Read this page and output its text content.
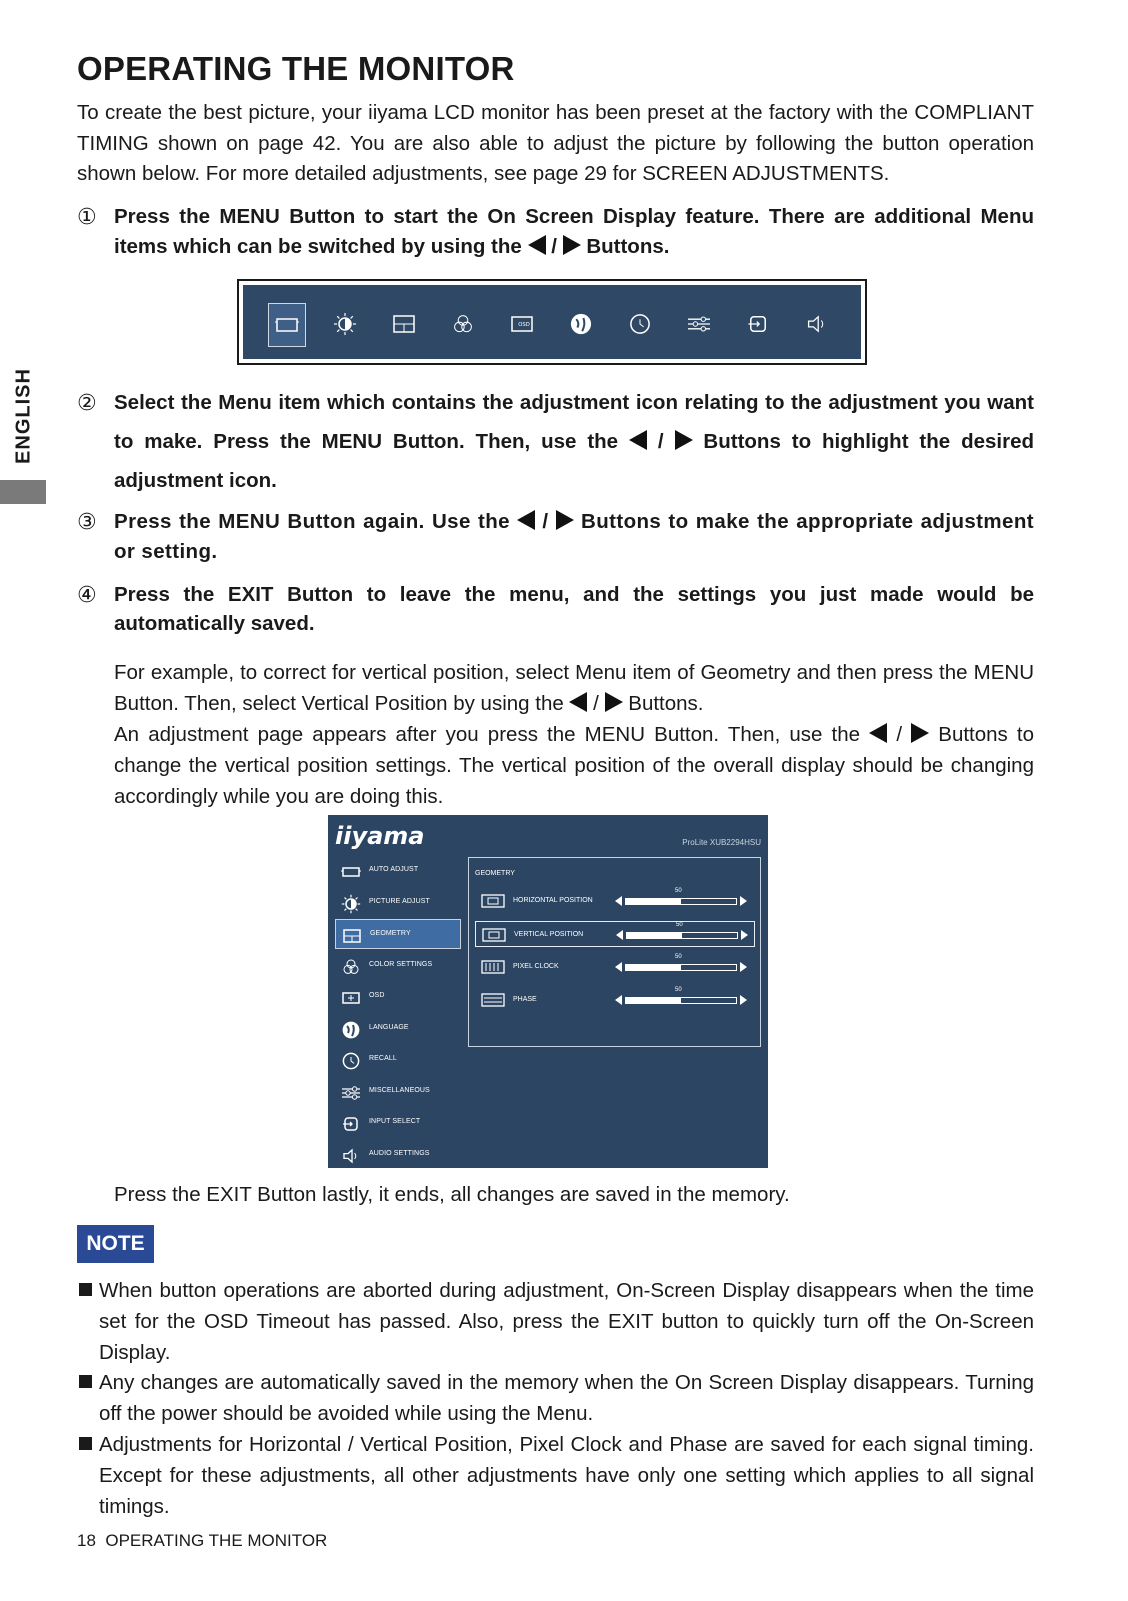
ENGLISH
OPERATING THE MONITOR
To create the best picture, your iiyama LCD monitor has been preset at the factory with the COMPLIANT TIMING shown on page 42. You are also able to adjust the picture by following the button operation shown below. For more detailed adjustments, see page 29 for SCREEN ADJUSTMENTS.
① Press the MENU Button to start the On Screen Display feature. There are additional Menu items which can be switched by using the / Buttons.
OSD
② Select the Menu item which contains the adjustment icon relating to the adjustment you want to make. Press the MENU Button. Then, use the / Buttons to highlight the desired adjustment icon.
③ Press the MENU Button again. Use the / Buttons to make the appropriate adjustment or setting.
④ Press the EXIT Button to leave the menu, and the settings you just made would be automatically saved.
For example, to correct for vertical position, select Menu item of Geometry and then press the MENU Button. Then, select Vertical Position by using the / Buttons.
An adjustment page appears after you press the MENU Button. Then, use the / Buttons to change the vertical position settings. The vertical position of the overall display should be changing accordingly while you are doing this.
iiyama	ProLite XUB2294HSU
AUTO ADJUST
PICTURE ADJUST
GEOMETRY
COLOR SETTINGS
OSD
LANGUAGE
RECALL
MISCELLANEOUS
INPUT SELECT
AUDIO SETTINGS
GEOMETRY
HORIZONTAL POSITION
50
VERTICAL POSITION
50
PIXEL CLOCK
50
PHASE
50
Press the EXIT Button lastly, it ends, all changes are saved in the memory.
NOTE
When button operations are aborted during adjustment, On-Screen Display disappears when the time set for the OSD Timeout has passed. Also, press the EXIT button to quickly turn off the On-Screen Display.
Any changes are automatically saved in the memory when the On Screen Display disappears. Turning off the power should be avoided while using the Menu.
Adjustments for Horizontal / Vertical Position, Pixel Clock and Phase are saved for each signal timing. Except for these adjustments, all other adjustments have only one setting which applies to all signal timings.
18 OPERATING THE MONITOR
